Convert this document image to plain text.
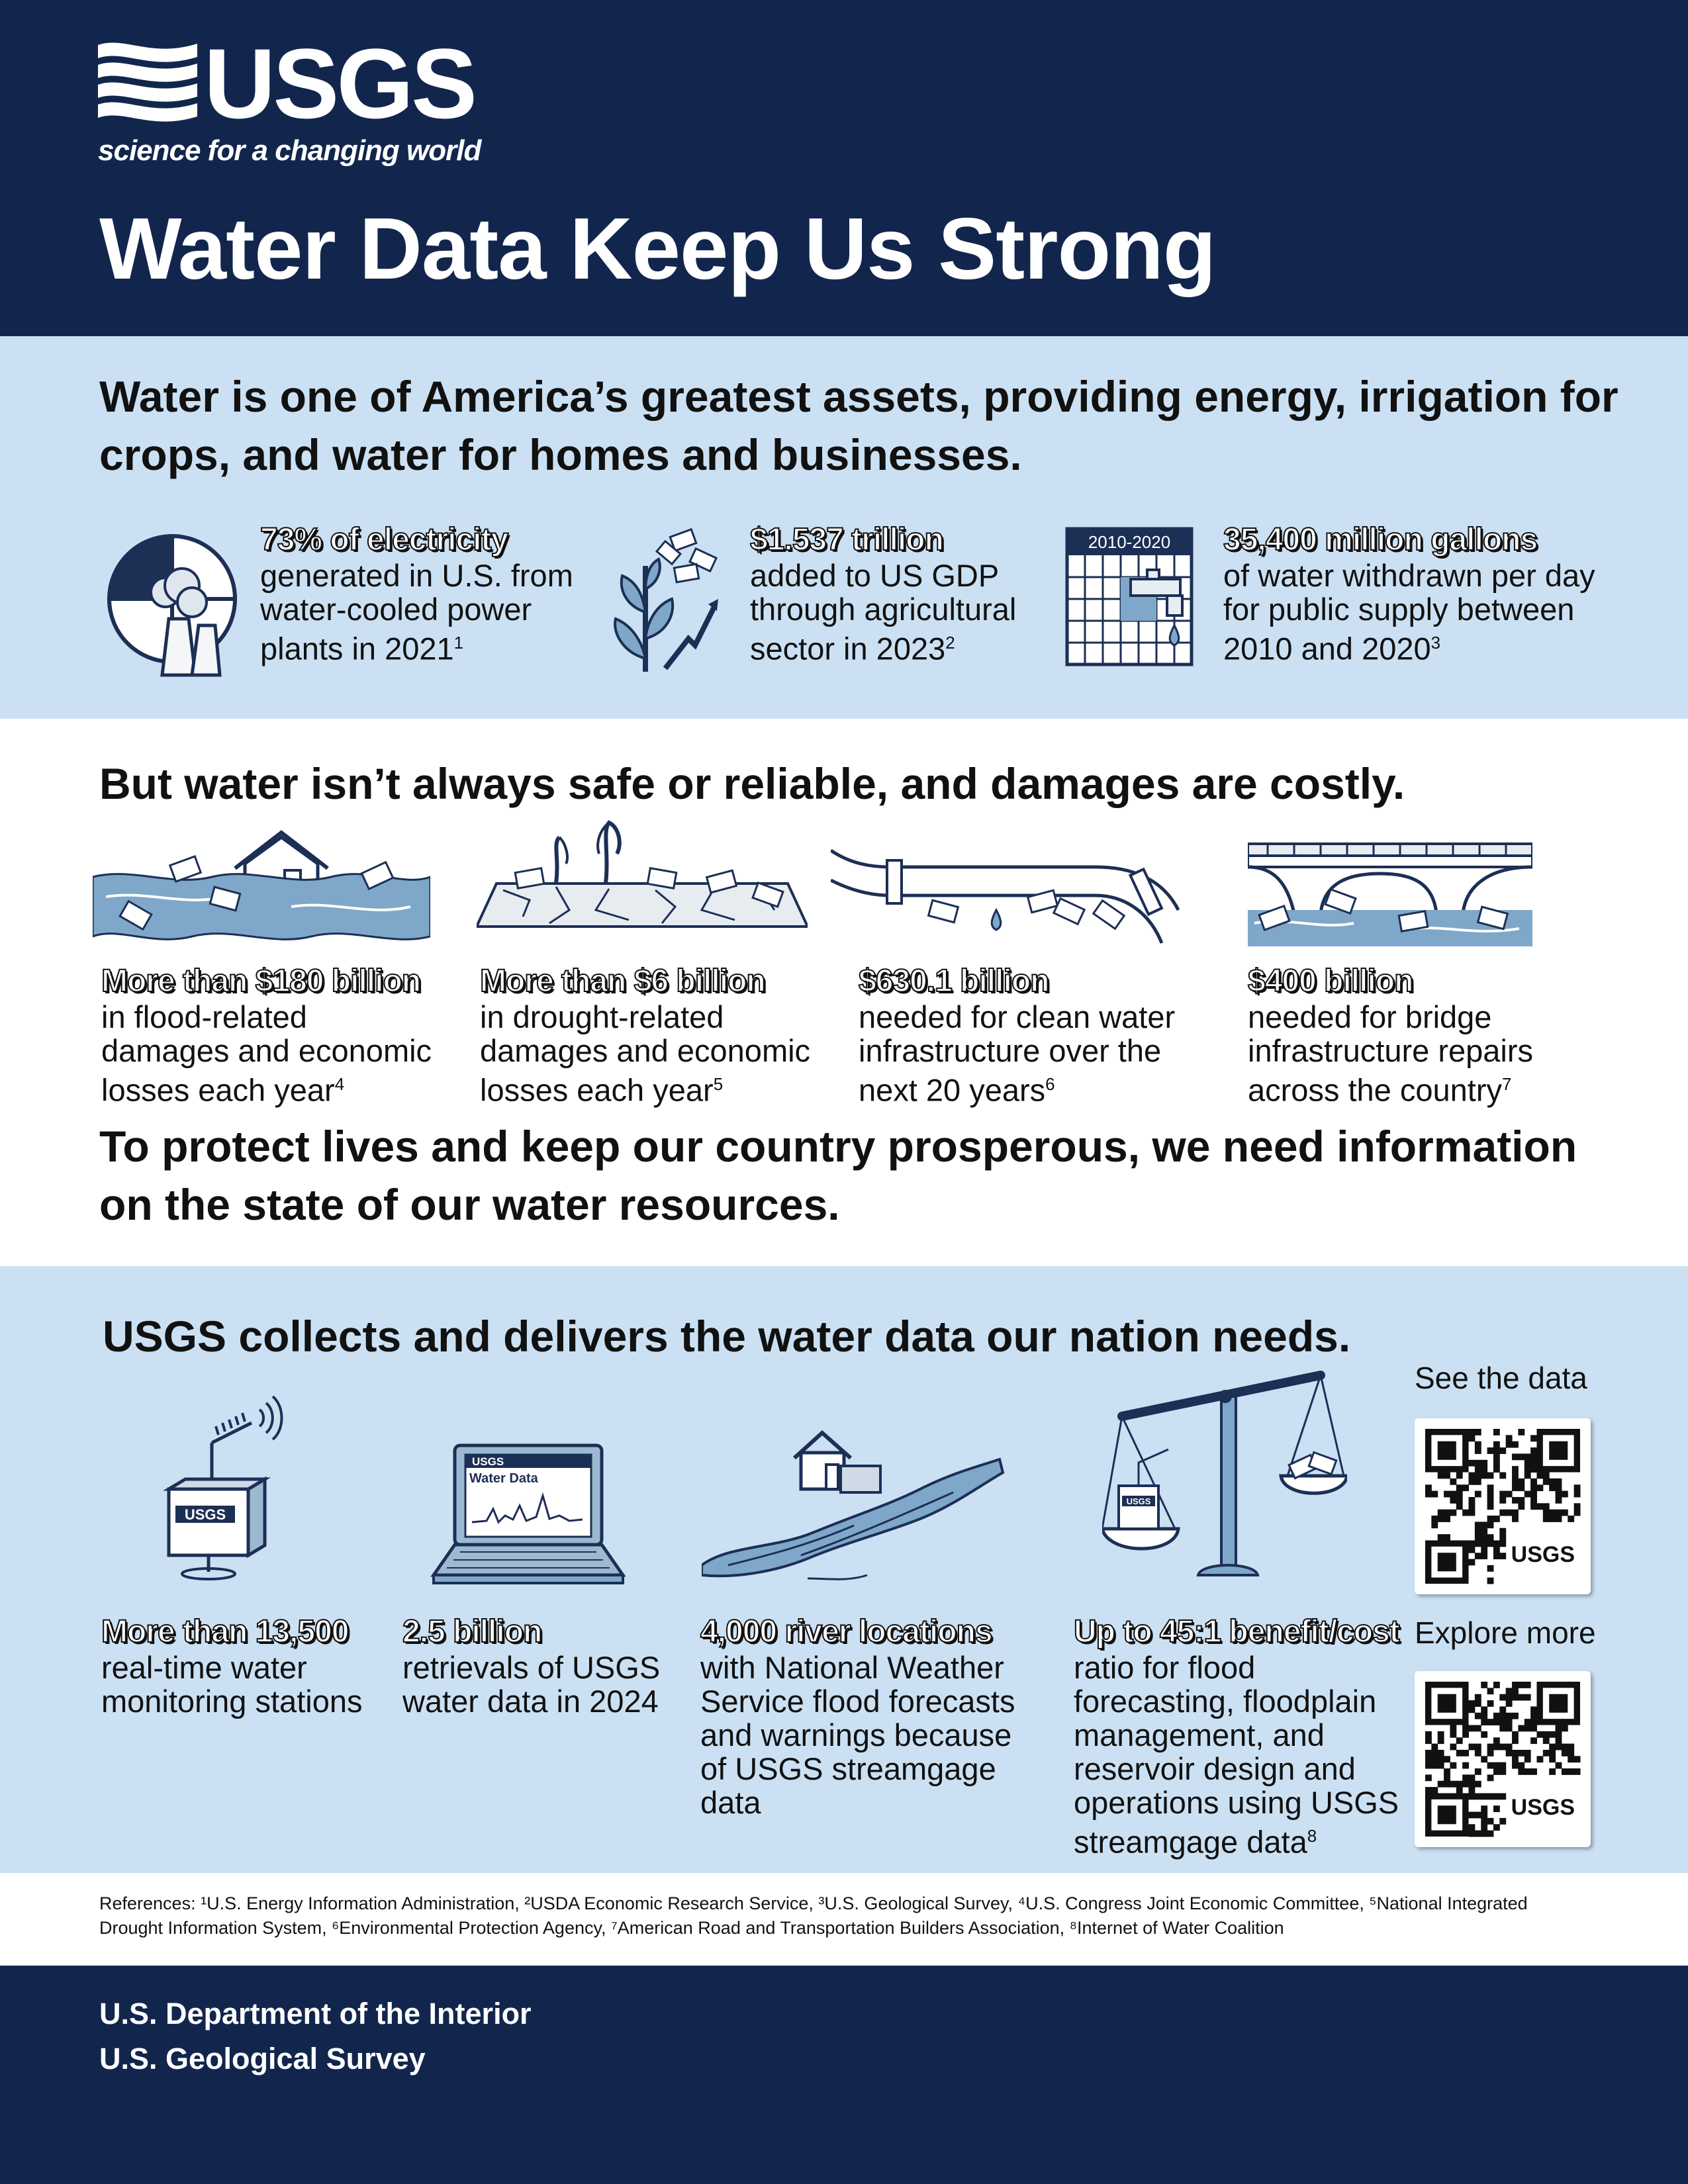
USGS
science for a changing world
Water Data Keep Us Strong
Water is one of America’s greatest assets, providing energy, irrigation for crops, and water for homes and businesses.
73% of electricity
generated in U.S. from
water-cooled power
plants in 2021$^1$
$1.537 trillion
added to US GDP
through agricultural
sector in 2023$^2$
2010-2020 35,400 million gallons
of water withdrawn per day
for public supply between
2010 and 2020$^3$
But water isn’t always safe or reliable, and damages are costly.
More than $180 billion
in flood-related
damages and economic
losses each year$^4$
More than $6 billion
in drought-related
damages and economic
losses each year$^5$
$630.1 billion
needed for clean water
infrastructure over the
next 20 years$^6$
$400 billion
needed for bridge
infrastructure repairs
across the country$^7$
To protect lives and keep our country prosperous, we need information on the state of our water resources.
USGS collects and delivers the water data our nation needs.
USGS
More than 13,500
real-time water
monitoring stations
USGS
Water Data
2.5 billion
retrievals of USGS
water data in 2024
4,000 river locations
with National Weather
Service flood forecasts
and warnings because
of USGS streamgage
data
USGS
Up to 45:1 benefit/cost
ratio for flood
forecasting, floodplain
management, and
reservoir design and
operations using USGS
streamgage data$^8$
See the data
USGS
Explore more
USGS
References: ¹U.S. Energy Information Administration, ²USDA Economic Research Service, ³U.S. Geological Survey, ⁴U.S. Congress Joint Economic Committee, ⁵National Integrated Drought Information System, ⁶Environmental Protection Agency, ⁷American Road and Transportation Builders Association, ⁸Internet of Water Coalition
U.S. Department of the Interior
U.S. Geological Survey
